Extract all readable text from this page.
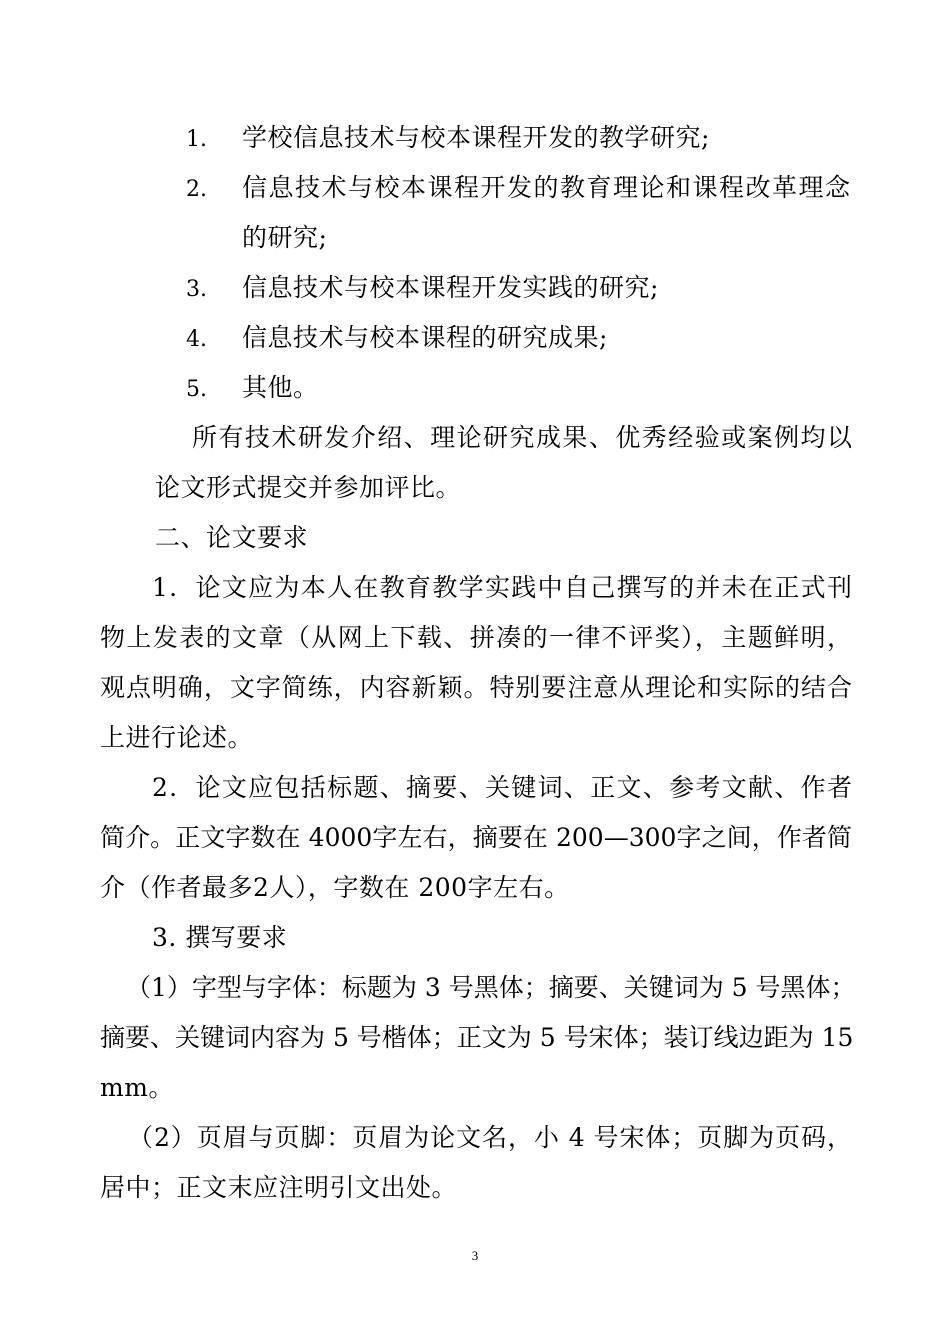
1. 学校信息技术与校本课程开发的教学研究;
2. 信息技术与校本课程开发的教育理论和课程改革理念
的研究;
3. 信息技术与校本课程开发实践的研究;
4. 信息技术与校本课程的研究成果;
5. 其他。
所有技术研发介绍、理论研究成果、优秀经验或案例均以
论文形式提交并参加评比。
二、论文要求
1．论文应为本人在教育教学实践中自己撰写的并未在正式刊
物上发表的文章（从网上下载、拼凑的一律不评奖），主题鲜明，
观点明确，文字简练，内容新颖。特别要注意从理论和实际的结合
上进行论述。
2．论文应包括标题、摘要、关键词、正文、参考文献、作者
简介。正文字数在 4000字左右，摘要在 200—300字之间，作者简
介（作者最多2人），字数在 200字左右。
3. 撰写要求
（1）字型与字体：标题为 3 号黑体；摘要、关键词为 5 号黑体；
摘要、关键词内容为 5 号楷体；正文为 5 号宋体；装订线边距为 15
mm。
（2）页眉与页脚：页眉为论文名，小 4 号宋体；页脚为页码，
居中；正文末应注明引文出处。
3
